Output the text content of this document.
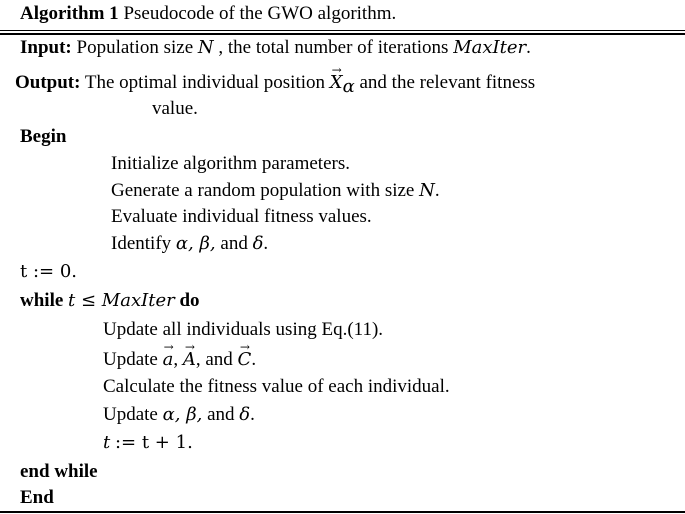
Algorithm 1 Pseudocode of the GWO algorithm.
Input: Population size N , the total number of iterations MaxIter.
Output: The optimal individual position → $X_\alpha$ and the relevant fitness
value.
Begin
Initialize algorithm parameters.
Generate a random population with size N.
Evaluate individual fitness values.
Identify α, β, and δ.
t := 0.
while t ≤ MaxIter do
Update all individuals using Eq.(11).
Update → a, → A, and → C.
Calculate the fitness value of each individual.
Update α, β, and δ.
t := t + 1.
end while
End
